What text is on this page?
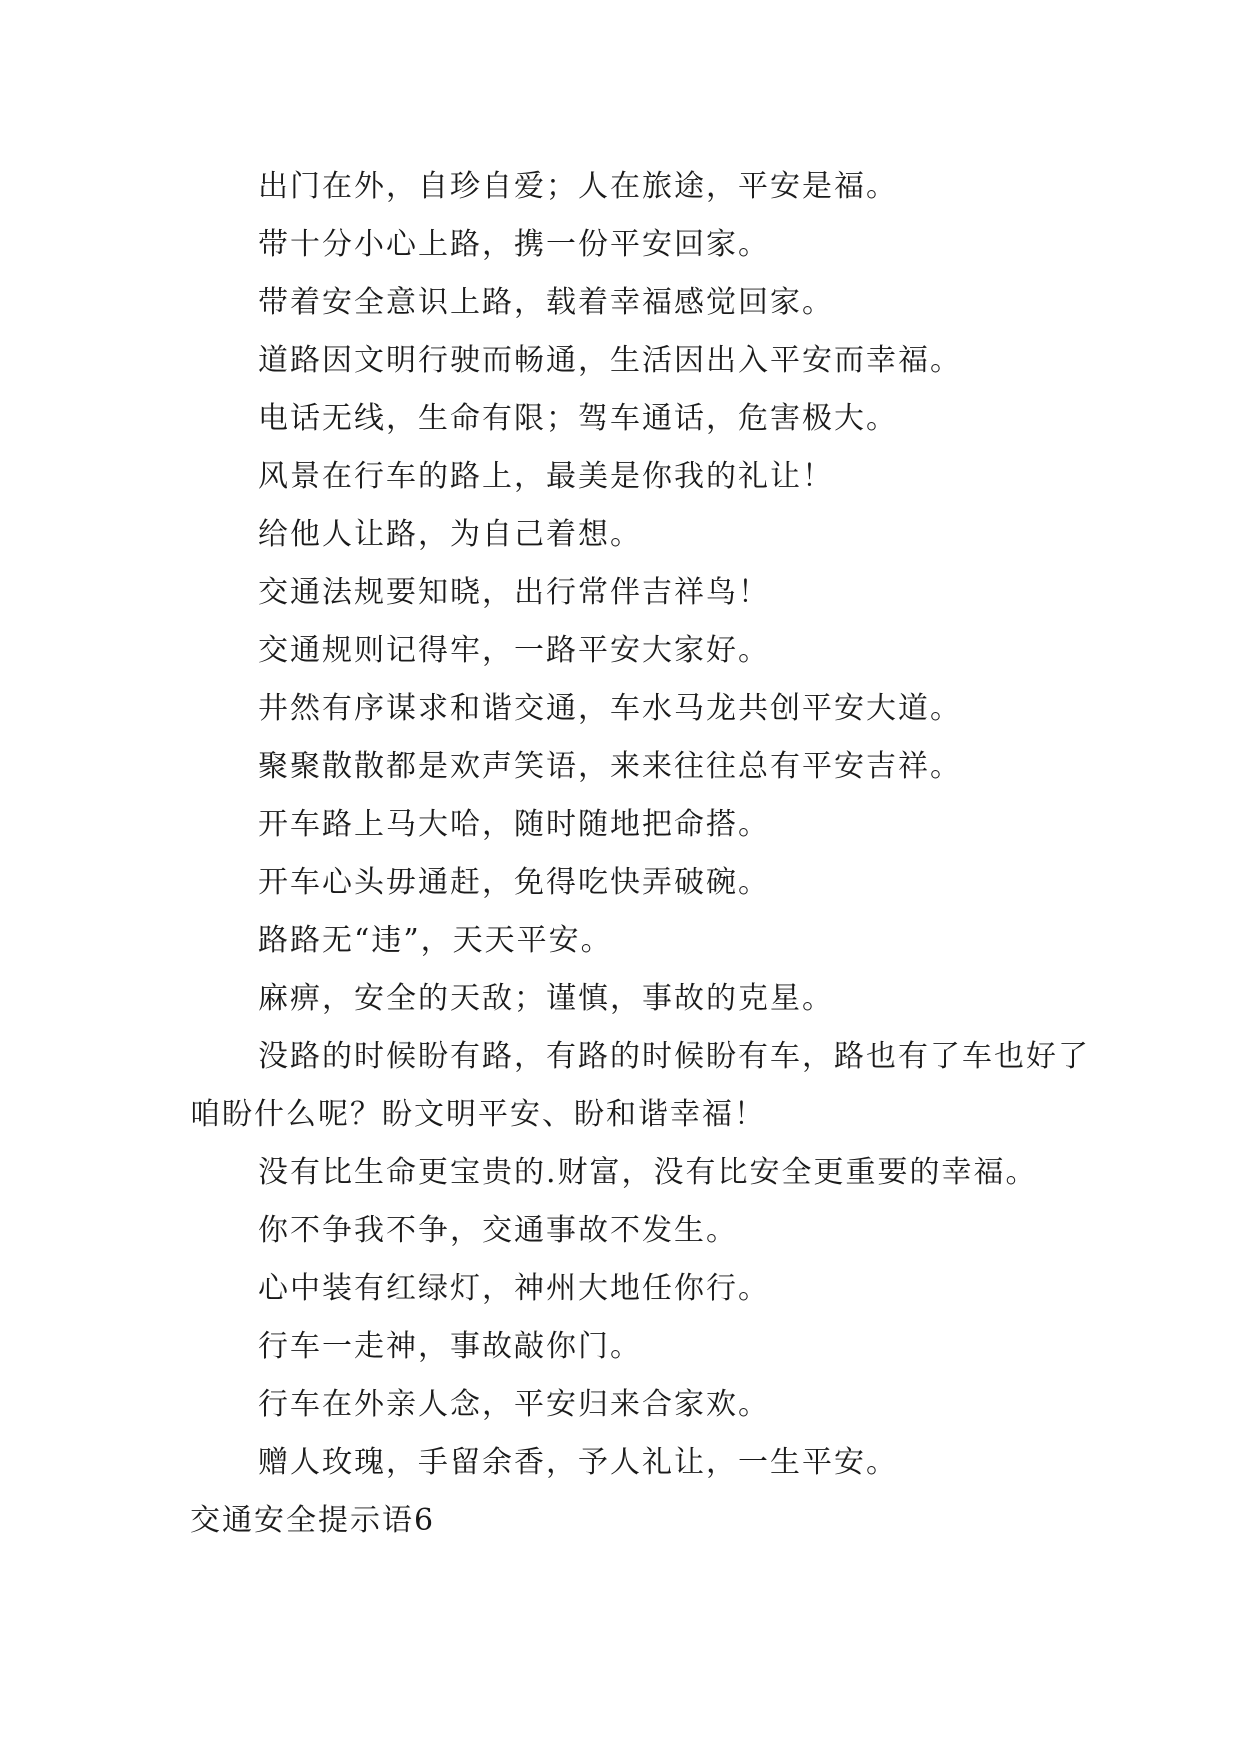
出门在外，自珍自爱；人在旅途，平安是福。

带十分小心上路，携一份平安回家。

带着安全意识上路，载着幸福感觉回家。

道路因文明行驶而畅通，生活因出入平安而幸福。

电话无线，生命有限；驾车通话，危害极大。

风景在行车的路上，最美是你我的礼让！

给他人让路，为自己着想。

交通法规要知晓，出行常伴吉祥鸟！

交通规则记得牢，一路平安大家好。

井然有序谋求和谐交通，车水马龙共创平安大道。

聚聚散散都是欢声笑语，来来往往总有平安吉祥。

开车路上马大哈，随时随地把命搭。

开车心头毋通赶，免得吃快弄破碗。

路路无“违”，天天平安。

麻痹，安全的天敌；谨慎，事故的克星。

没路的时候盼有路，有路的时候盼有车，路也有了车也好了咱盼什么呢？盼文明平安、盼和谐幸福！

没有比生命更宝贵的.财富，没有比安全更重要的幸福。

你不争我不争，交通事故不发生。

心中装有红绿灯，神州大地任你行。

行车一走神，事故敲你门。

行车在外亲人念，平安归来合家欢。

赠人玫瑰，手留余香，予人礼让，一生平安。

交通安全提示语6
